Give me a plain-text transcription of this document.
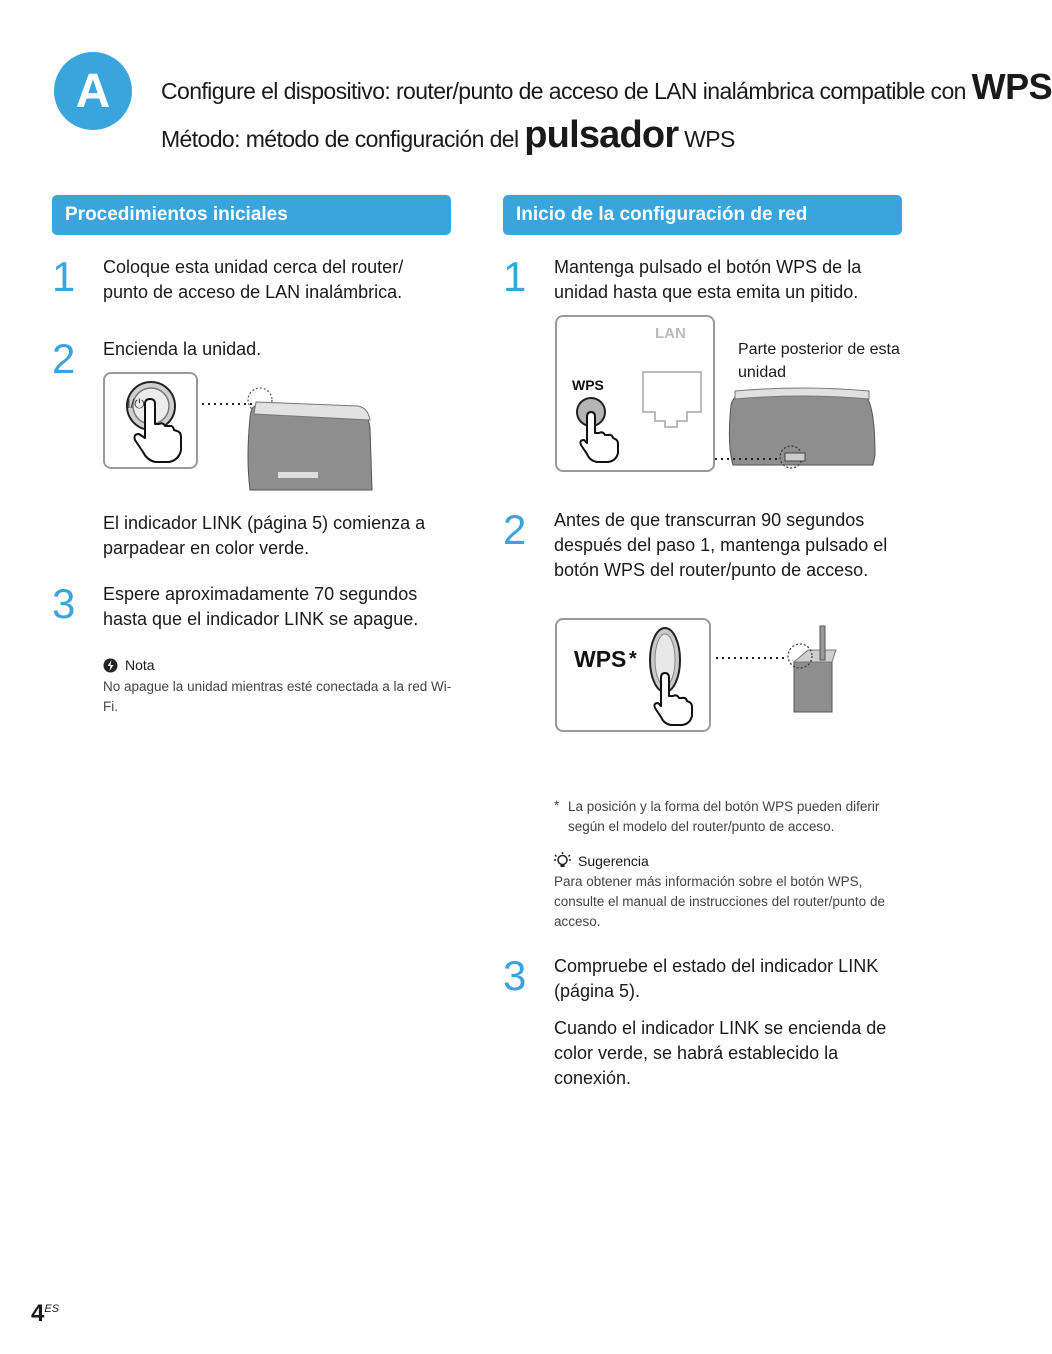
A	Configure el dispositivo: router/punto de acceso de LAN inalámbrica compatible con WPS
Método: método de configuración del pulsador WPS
Procedimientos iniciales
1 Coloque esta unidad cerca del router/ punto de acceso de LAN inalámbrica.
2 Encienda la unidad.
I/⏻
El indicador LINK (página 5) comienza a parpadear en color verde.
3 Espere aproximadamente 70 segundos hasta que el indicador LINK se apague.
Nota
No apague la unidad mientras esté conectada a la red Wi-Fi.
Inicio de la configuración de red
1 Mantenga pulsado el botón WPS de la unidad hasta que esta emita un pitido.
LAN
WPS
Parte posterior de esta unidad
2 Antes de que transcurran 90 segundos después del paso 1, mantenga pulsado el botón WPS del router/punto de acceso.
WPS *
* La posición y la forma del botón WPS pueden diferir según el modelo del router/punto de acceso.
Sugerencia
Para obtener más información sobre el botón WPS, consulte el manual de instrucciones del router/punto de acceso.
3 Compruebe el estado del indicador LINK (página 5).
Cuando el indicador LINK se encienda de color verde, se habrá establecido la conexión.
$4^{ES}$
